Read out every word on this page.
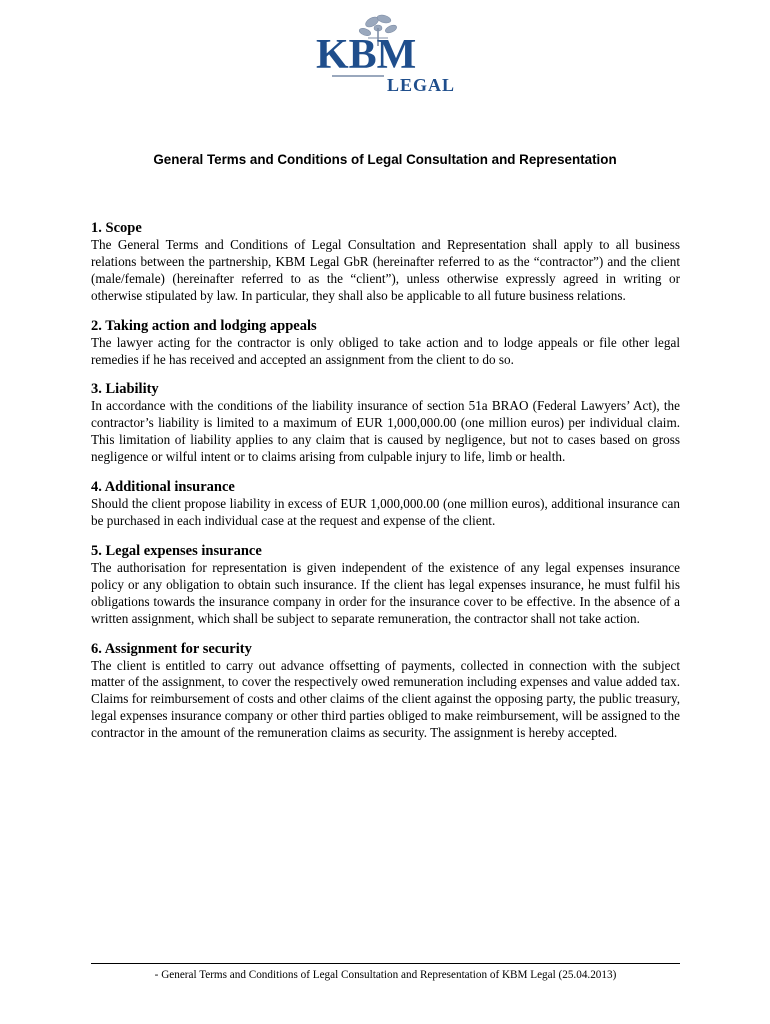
KBM
LEGAL
General Terms and Conditions of Legal Consultation and Representation
1. Scope

The General Terms and Conditions of Legal Consultation and Representation shall apply to all business relations between the partnership, KBM Legal GbR (hereinafter referred to as the “contractor”) and the client (male/female) (hereinafter referred to as the “client”), unless otherwise expressly agreed in writing or otherwise stipulated by law. In particular, they shall also be applicable to all future business relations.

2. Taking action and lodging appeals

The lawyer acting for the contractor is only obliged to take action and to lodge appeals or file other legal remedies if he has received and accepted an assignment from the client to do so.

3. Liability

In accordance with the conditions of the liability insurance of section 51a BRAO (Federal Lawyers’ Act), the contractor’s liability is limited to a maximum of EUR 1,000,000.00 (one million euros) per individual claim. This limitation of liability applies to any claim that is caused by negligence, but not to cases based on gross negligence or wilful intent or to claims arising from culpable injury to life, limb or health.

4. Additional insurance

Should the client propose liability in excess of EUR 1,000,000.00 (one million euros), additional insurance can be purchased in each individual case at the request and expense of the client.

5. Legal expenses insurance

The authorisation for representation is given independent of the existence of any legal expenses insurance policy or any obligation to obtain such insurance. If the client has legal expenses insurance, he must fulfil his obligations towards the insurance company in order for the insurance cover to be effective. In the absence of a written assignment, which shall be subject to separate remuneration, the contractor shall not take action.

6. Assignment for security

The client is entitled to carry out advance offsetting of payments, collected in connection with the subject matter of the assignment, to cover the respectively owed remuneration including expenses and value added tax. Claims for reimbursement of costs and other claims of the client against the opposing party, the public treasury, legal expenses insurance company or other third parties obliged to make reimbursement, will be assigned to the contractor in the amount of the remuneration claims as security. The assignment is hereby accepted.

- General Terms and Conditions of Legal Consultation and Representation of KBM Legal (25.04.2013)
